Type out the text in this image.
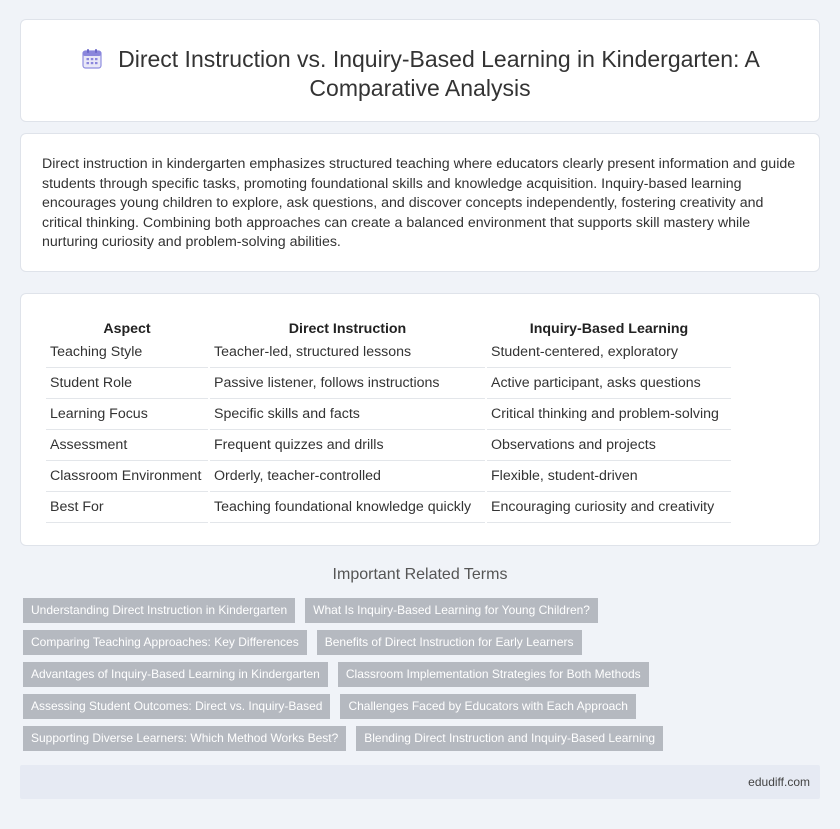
Direct Instruction vs. Inquiry-Based Learning in Kindergarten: A Comparative Analysis

Direct instruction in kindergarten emphasizes structured teaching where educators clearly present information and guide students through specific tasks, promoting foundational skills and knowledge acquisition. Inquiry-based learning encourages young children to explore, ask questions, and discover concepts independently, fostering creativity and critical thinking. Combining both approaches can create a balanced environment that supports skill mastery while nurturing curiosity and problem-solving abilities.

Aspect	Direct Instruction	Inquiry-Based Learning
Teaching Style	Teacher-led, structured lessons	Student-centered, exploratory
Student Role	Passive listener, follows instructions	Active participant, asks questions
Learning Focus	Specific skills and facts	Critical thinking and problem-solving
Assessment	Frequent quizzes and drills	Observations and projects
Classroom Environment	Orderly, teacher-controlled	Flexible, student-driven
Best For	Teaching foundational knowledge quickly	Encouraging curiosity and creativity
Important Related Terms
Understanding Direct Instruction in Kindergarten	What Is Inquiry-Based Learning for Young Children?
Comparing Teaching Approaches: Key Differences	Benefits of Direct Instruction for Early Learners
Advantages of Inquiry-Based Learning in Kindergarten	Classroom Implementation Strategies for Both Methods
Assessing Student Outcomes: Direct vs. Inquiry-Based	Challenges Faced by Educators with Each Approach
Supporting Diverse Learners: Which Method Works Best?	Blending Direct Instruction and Inquiry-Based Learning
edudiff.com
